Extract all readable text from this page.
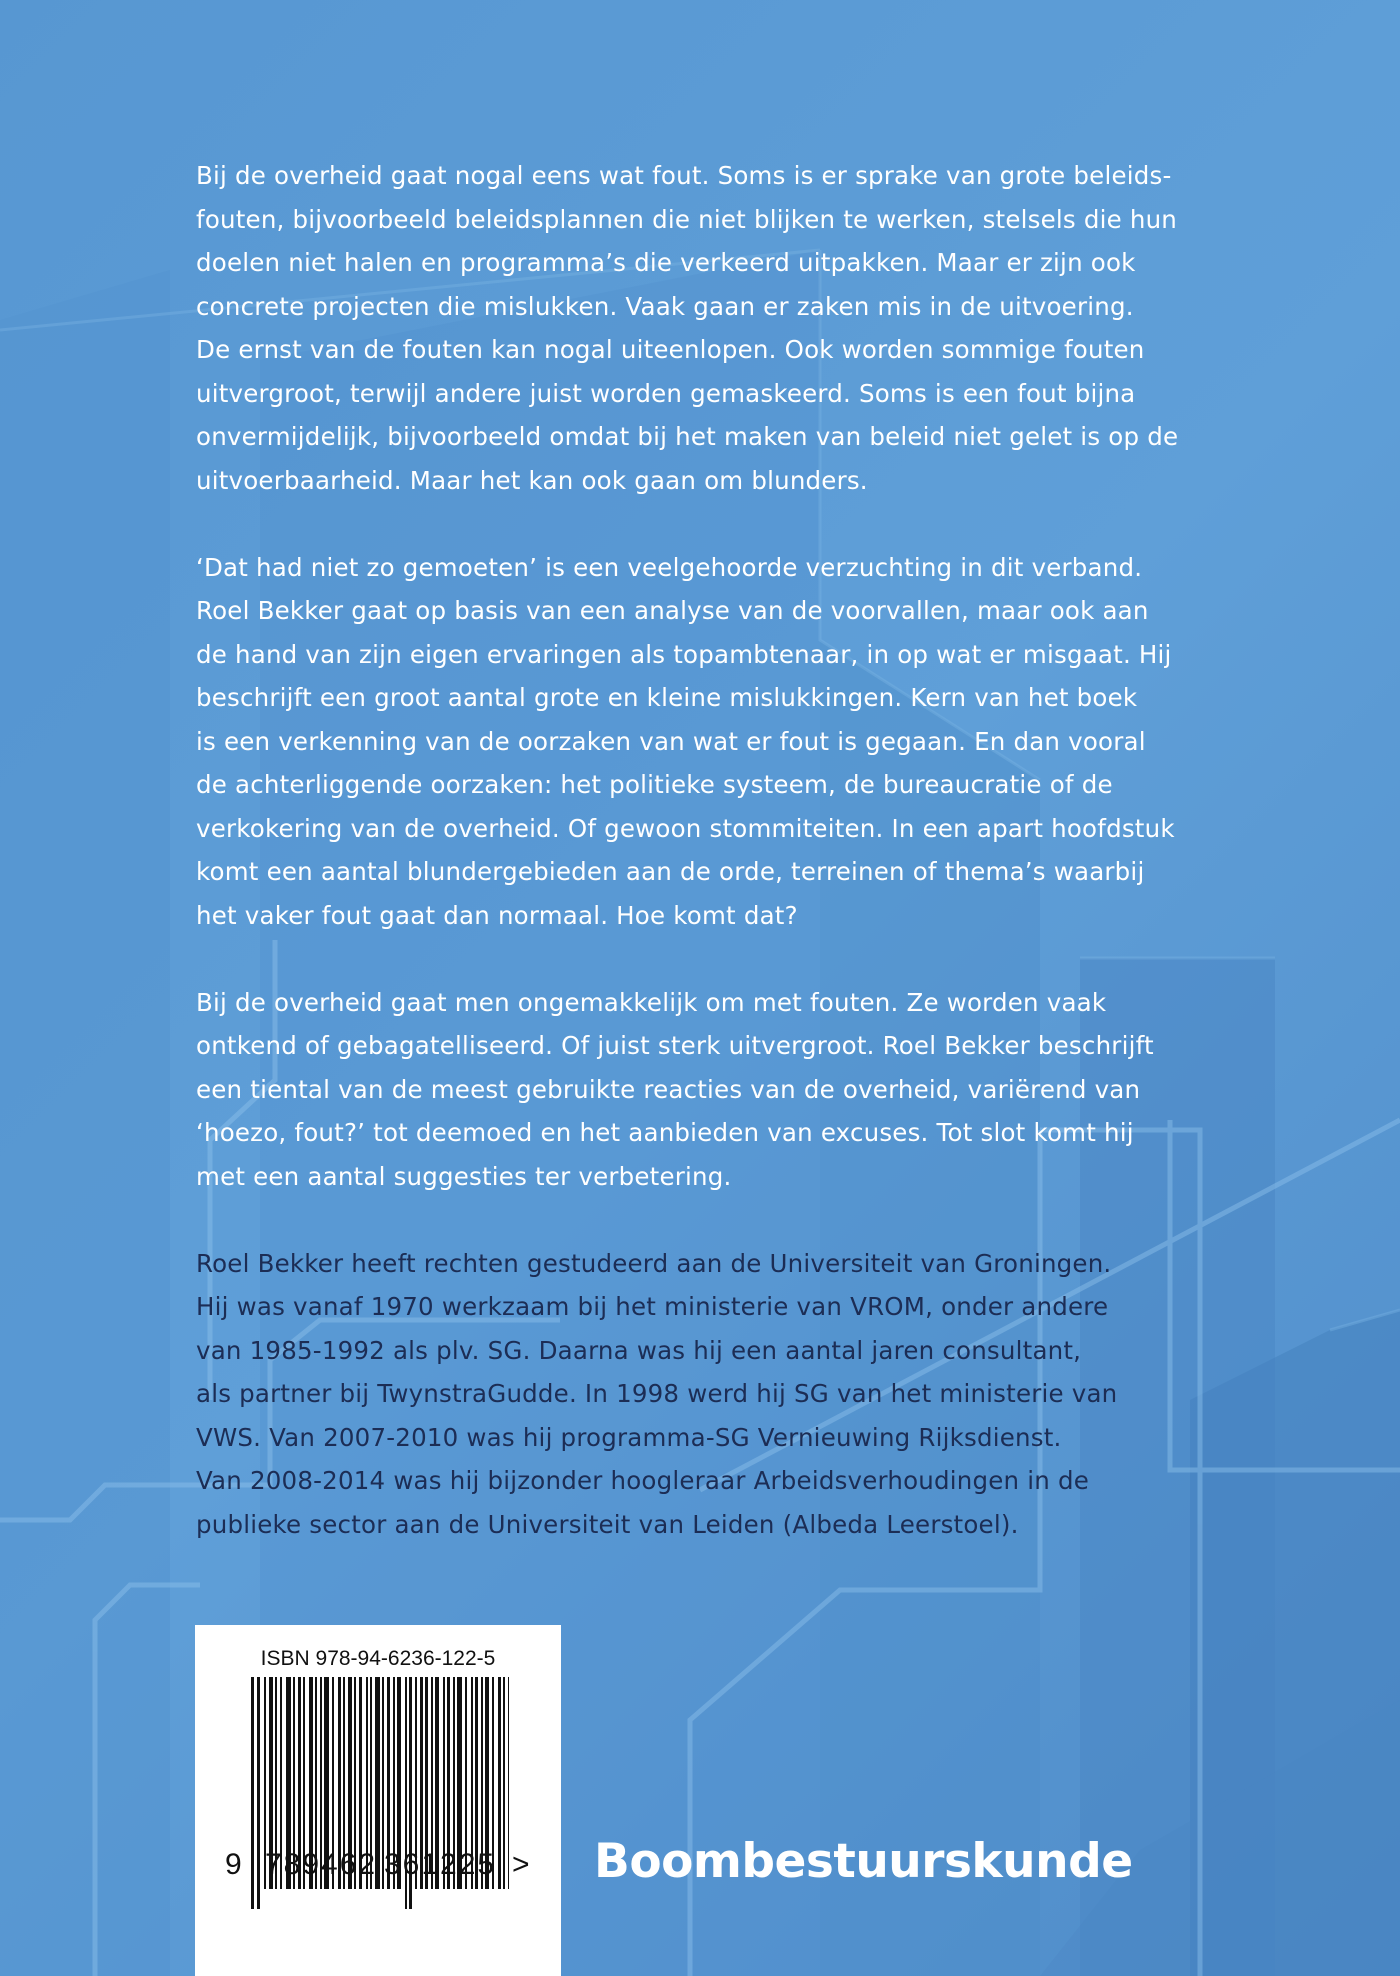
Bij de overheid gaat nogal eens wat fout. Soms is er sprake van grote beleids-
fouten, bijvoorbeeld beleidsplannen die niet blijken te werken, stelsels die hun
doelen niet halen en programma’s die verkeerd uitpakken. Maar er zijn ook
concrete projecten die mislukken. Vaak gaan er zaken mis in de uitvoering.
De ernst van de fouten kan nogal uiteenlopen. Ook worden sommige fouten
uitvergroot, terwijl andere juist worden gemaskeerd. Soms is een fout bijna
onvermijdelijk, bijvoorbeeld omdat bij het maken van beleid niet gelet is op de
uitvoerbaarheid. Maar het kan ook gaan om blunders.

‘Dat had niet zo gemoeten’ is een veelgehoorde verzuchting in dit verband.
Roel Bekker gaat op basis van een analyse van de voorvallen, maar ook aan
de hand van zijn eigen ervaringen als topambtenaar, in op wat er misgaat. Hij
beschrijft een groot aantal grote en kleine mislukkingen. Kern van het boek
is een verkenning van de oorzaken van wat er fout is gegaan. En dan vooral
de achterliggende oorzaken: het politieke systeem, de bureaucratie of de
verkokering van de overheid. Of gewoon stommiteiten. In een apart hoofdstuk
komt een aantal blundergebieden aan de orde, terreinen of thema’s waarbij
het vaker fout gaat dan normaal. Hoe komt dat?

Bij de overheid gaat men ongemakkelijk om met fouten. Ze worden vaak
ontkend of gebagatelliseerd. Of juist sterk uitvergroot. Roel Bekker beschrijft
een tiental van de meest gebruikte reacties van de overheid, variërend van
‘hoezo, fout?’ tot deemoed en het aanbieden van excuses. Tot slot komt hij
met een aantal suggesties ter verbetering.

Roel Bekker heeft rechten gestudeerd aan de Universiteit van Groningen.
Hij was vanaf 1970 werkzaam bij het ministerie van VROM, onder andere
van 1985-1992 als plv. SG. Daarna was hij een aantal jaren consultant,
als partner bij TwynstraGudde. In 1998 werd hij SG van het ministerie van
VWS. Van 2007-2010 was hij programma-SG Vernieuwing Rijksdienst.
Van 2008-2014 was hij bijzonder hoogleraar Arbeidsverhoudingen in de
publieke sector aan de Universiteit van Leiden (Albeda Leerstoel).

ISBN 978-94-6236-122-5
9 789462 361225 > Boombestuurskunde
